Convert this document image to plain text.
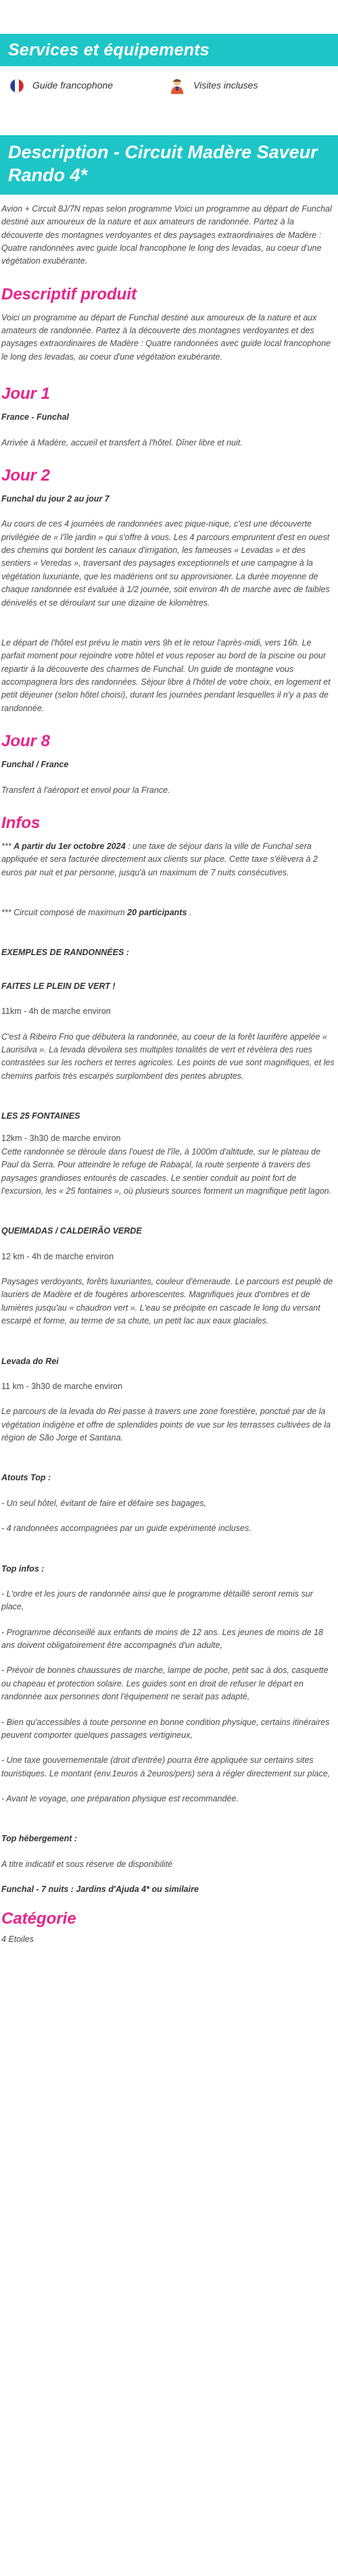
Services et équipements
Guide francophone	Visites incluses
Description - Circuit Madère Saveur Rando 4*

Avion + Circuit 8J/7N repas selon programme Voici un programme au départ de Funchal destiné aux amoureux de la nature et aux amateurs de randonnée. Partez à la découverte des montagnes verdoyantes et des paysages extraordinaires de Madère : Quatre randonnées avec guide local francophone le long des levadas, au coeur d'une végétation exubérante.

Descriptif produit

Voici un programme au départ de Funchal destiné aux amoureux de la nature et aux amateurs de randonnée. Partez à la découverte des montagnes verdoyantes et des paysages extraordinaires de Madère : Quatre randonnées avec guide local francophone le long des levadas, au coeur d'une végétation exubérante.

Jour 1

France - Funchal

Arrivée à Madère, accueil et transfert à l'hôtel. Dîner libre et nuit.

Jour 2

Funchal du jour 2 au jour 7

Au cours de ces 4 journées de randonnées avec pique-nique, c'est une découverte privilégiée de « l'île jardin » qui s'offre à vous. Les 4 parcours empruntent d'est en ouest des chemins qui bordent les canaux d'irrigation, les fameuses « Levadas » et des sentiers « Veredas », traversant des paysages exceptionnels et une campagne à la végétation luxuriante, que les madériens ont su approvisioner. La durée moyenne de chaque randonnée est évaluée à 1/2 journée, soit environ 4h de marche avec de faibles dénivelés et se déroulant sur une dizaine de kilomètres.

Le départ de l'hôtel est prévu le matin vers 9h et le retour l'après-midi, vers 16h. Le parfait moment pour rejoindre votre hôtel et vous reposer au bord de la piscine ou pour repartir à la découverte des charmes de Funchal. Un guide de montagne vous accompagnera lors des randonnées. Séjour libre à l'hôtel de votre choix, en logement et petit déjeuner (selon hôtel choisi), durant les journées pendant lesquelles il n'y a pas de randonnée.

Jour 8

Funchal / France

Transfert à l'aéroport et envol pour la France.

Infos

*** A partir du 1er octobre 2024 : une taxe de séjour dans la ville de Funchal sera appliquée et sera facturée directement aux clients sur place. Cette taxe s'élèvera à 2 euros par nuit et par personne, jusqu'à un maximum de 7 nuits consécutives.

*** Circuit composé de maximum 20 participants .

EXEMPLES DE RANDONNÉES :

FAITES LE PLEIN DE VERT !

11km - 4h de marche environ

C'est à Ribeiro Frio que débutera la randonnée, au coeur de la forêt laurifère appelée « Laurisilva ». La levada dévoilera ses multiples tonalités de vert et révèlera des rues contrastées sur les rochers et terres agricoles. Les points de vue sont magnifiques, et les chemins parfois très escarpés surplombent des pentes abruptes.

LES 25 FONTAINES

12km - 3h30 de marche environ

Cette randonnée se déroule dans l'ouest de l'île, à 1000m d'altitude, sur le plateau de Paul da Serra. Pour atteindre le refuge de Rabaçal, la route serpente à travers des paysages grandioses entourés de cascades. Le sentier conduit au point fort de l'excursion, les « 25 fontaines », où plusieurs sources forment un magnifique petit lagon.

QUEIMADAS / CALDEIRÃO VERDE

12 km - 4h de marche environ

Paysages verdoyants, forêts luxuriantes, couleur d'émeraude. Le parcours est peuplé de lauriers de Madère et de fougères arborescentes. Magnifiques jeux d'ombres et de lumières jusqu'au « chaudron vert ». L'eau se précipite en cascade le long du versant escarpé et forme, au terme de sa chute, un petit lac aux eaux glaciales.

Levada do Rei

11 km - 3h30 de marche environ

Le parcours de la levada do Rei passe à travers une zone forestière, ponctué par de la végétation indigène et offre de splendides points de vue sur les terrasses cultivées de la région de São Jorge et Santana.

Atouts Top :

- Un seul hôtel, évitant de faire et défaire ses bagages,

- 4 randonnées accompagnées par un guide expérimenté incluses.

Top infos :

- L'ordre et les jours de randonnée ainsi que le programme détaillé seront remis sur place,

- Programme déconseillé aux enfants de moins de 12 ans. Les jeunes de moins de 18 ans doivent obligatoirement être accompagnés d'un adulte,

- Prévoir de bonnes chaussures de marche, lampe de poche, petit sac à dos, casquette ou chapeau et protection solaire. Les guides sont en droit de refuser le départ en randonnée aux personnes dont l'équipement ne serait pas adapté,

- Bien qu'accessibles à toute personne en bonne condition physique, certains itinéraires peuvent comporter quelques passages vertigineux,

- Une taxe gouvernementale (droit d'entrée) pourra être appliquée sur certains sites touristiques. Le montant (env.1euros à 2euros/pers) sera à régler directement sur place,

- Avant le voyage, une préparation physique est recommandée.

Top hébergement :

A titre indicatif et sous réserve de disponibilité

Funchal - 7 nuits : Jardins d'Ajuda 4* ou similaire

Catégorie

4 Etoiles
